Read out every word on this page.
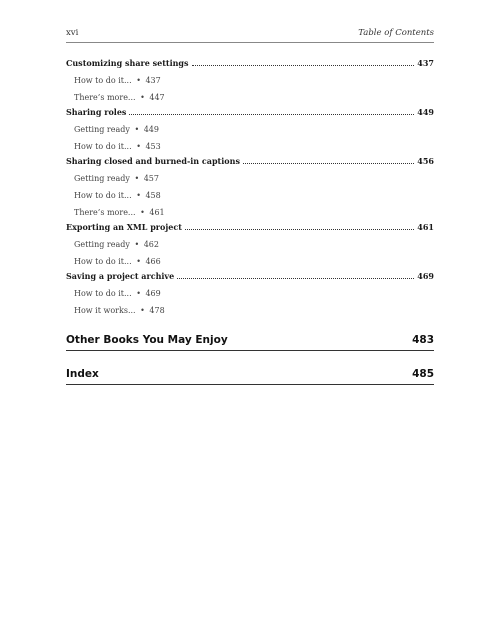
xvi	Table of Contents
Customizing share settings	437
How to do it... • 437
There’s more... • 447
Sharing roles	449
Getting ready • 449
How to do it... • 453
Sharing closed and burned-in captions	456
Getting ready • 457
How to do it... • 458
There’s more... • 461
Exporting an XML project	461
Getting ready • 462
How to do it... • 466
Saving a project archive	469
How to do it... • 469
How it works... • 478
Other Books You May Enjoy	483
Index	485
